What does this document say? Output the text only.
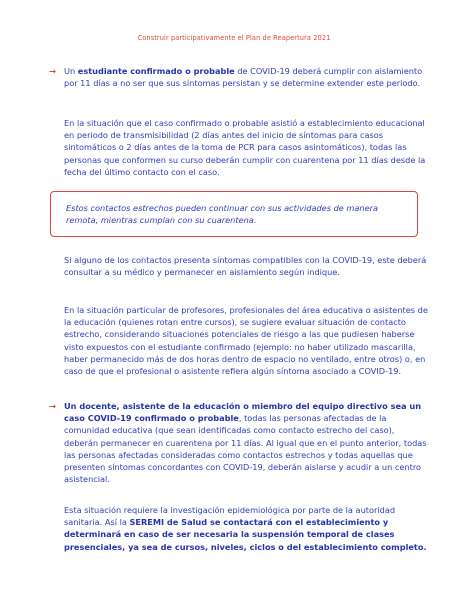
Construir participativamente el Plan de Reapertura 2021
→ Un estudiante confirmado o probable de COVID-19 deberá cumplir con aislamiento por 11 días a no ser que sus síntomas persistan y se determine extender este periodo.

En la situación que el caso confirmado o probable asistió a establecimiento educacional en periodo de transmisibilidad (2 días antes del inicio de síntomas para casos sintomáticos o 2 días antes de la toma de PCR para casos asintomáticos), todas las personas que conformen su curso deberán cumplir con cuarentena por 11 días desde la fecha del último contacto con el caso.

Estos contactos estrechos pueden continuar con sus actividades de manera remota, mientras cumplan con su cuarentena.

Si alguno de los contactos presenta síntomas compatibles con la COVID-19, este deberá consultar a su médico y permanecer en aislamiento según indique.

En la situación particular de profesores, profesionales del área educativa o asistentes de la educación (quienes rotan entre cursos), se sugiere evaluar situación de contacto estrecho, considerando situaciones potenciales de riesgo a las que pudiesen haberse visto expuestos con el estudiante confirmado (ejemplo: no haber utilizado mascarilla, haber permanecido más de dos horas dentro de espacio no ventilado, entre otros) o, en caso de que el profesional o asistente refiera algún síntoma asociado a COVID-19.

→ Un docente, asistente de la educación o miembro del equipo directivo sea un caso COVID-19 confirmado o probable, todas las personas afectadas de la comunidad educativa (que sean identificadas como contacto estrecho del caso), deberán permanecer en cuarentena por 11 días. Al igual que en el punto anterior, todas las personas afectadas consideradas como contactos estrechos y todas aquellas que presenten síntomas concordantes con COVID-19, deberán aislarse y acudir a un centro asistencial.

Esta situación requiere la investigación epidemiológica por parte de la autoridad sanitaria. Así la SEREMI de Salud se contactará con el establecimiento y determinará en caso de ser necesaria la suspensión temporal de clases presenciales, ya sea de cursos, niveles, ciclos o del establecimiento completo.
